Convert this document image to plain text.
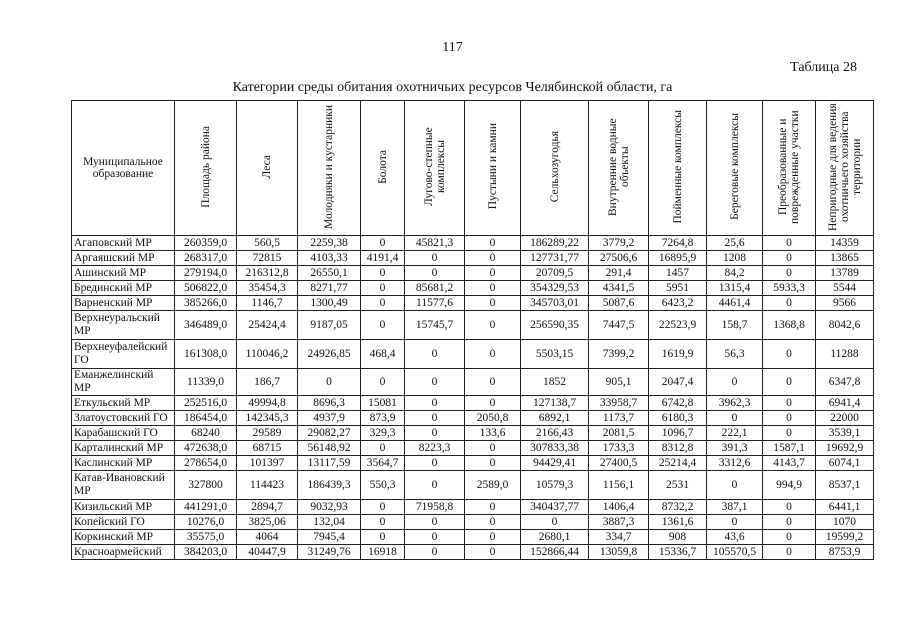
117
Таблица 28
Категории среды обитания охотничьих ресурсов Челябинской области, га
Муниципальное образование	Площадь района	Леса	Молодняки и кустарники	Болота	Лугово-степные комплексы	Пустыни и камни	Сельхозугодья	Внутренние водные объекты	Пойменные комплексы	Береговые комплексы	Преобразованные и поврежденные участки	Непригодные для ведения охотничьего хозяйства территории
Агаповский МР	260359,0	560,5	2259,38	0	45821,3	0	186289,22	3779,2	7264,8	25,6	0	14359
Аргаяшский МР	268317,0	72815	4103,33	4191,4	0	0	127731,77	27506,6	16895,9	1208	0	13865
Ашинский МР	279194,0	216312,8	26550,1	0	0	0	20709,5	291,4	1457	84,2	0	13789
Брединский МР	506822,0	35454,3	8271,77	0	85681,2	0	354329,53	4341,5	5951	1315,4	5933,3	5544
Варненский МР	385266,0	1146,7	1300,49	0	11577,6	0	345703,01	5087,6	6423,2	4461,4	0	9566
Верхнеуральский МР	346489,0	25424,4	9187,05	0	15745,7	0	256590,35	7447,5	22523,9	158,7	1368,8	8042,6
Верхнеуфалейский ГО	161308,0	110046,2	24926,85	468,4	0	0	5503,15	7399,2	1619,9	56,3	0	11288
Еманжелинский МР	11339,0	186,7	0	0	0	0	1852	905,1	2047,4	0	0	6347,8
Еткульский МР	252516,0	49994,8	8696,3	15081	0	0	127138,7	33958,7	6742,8	3962,3	0	6941,4
Златоустовский ГО	186454,0	142345,3	4937,9	873,9	0	2050,8	6892,1	1173,7	6180,3	0	0	22000
Карабашский ГО	68240	29589	29082,27	329,3	0	133,6	2166,43	2081,5	1096,7	222,1	0	3539,1
Карталинский МР	472638,0	68715	56148,92	0	8223,3	0	307833,38	1733,3	8312,8	391,3	1587,1	19692,9
Каслинский МР	278654,0	101397	13117,59	3564,7	0	0	94429,41	27400,5	25214,4	3312,6	4143,7	6074,1
Катав-Ивановский МР	327800	114423	186439,3	550,3	0	2589,0	10579,3	1156,1	2531	0	994,9	8537,1
Кизильский МР	441291,0	2894,7	9032,93	0	71958,8	0	340437,77	1406,4	8732,2	387,1	0	6441,1
Копейский ГО	10276,0	3825,06	132,04	0	0	0	0	3887,3	1361,6	0	0	1070
Коркинский МР	35575,0	4064	7945,4	0	0	0	2680,1	334,7	908	43,6	0	19599,2
Красноармейский	384203,0	40447,9	31249,76	16918	0	0	152866,44	13059,8	15336,7	105570,5	0	8753,9
